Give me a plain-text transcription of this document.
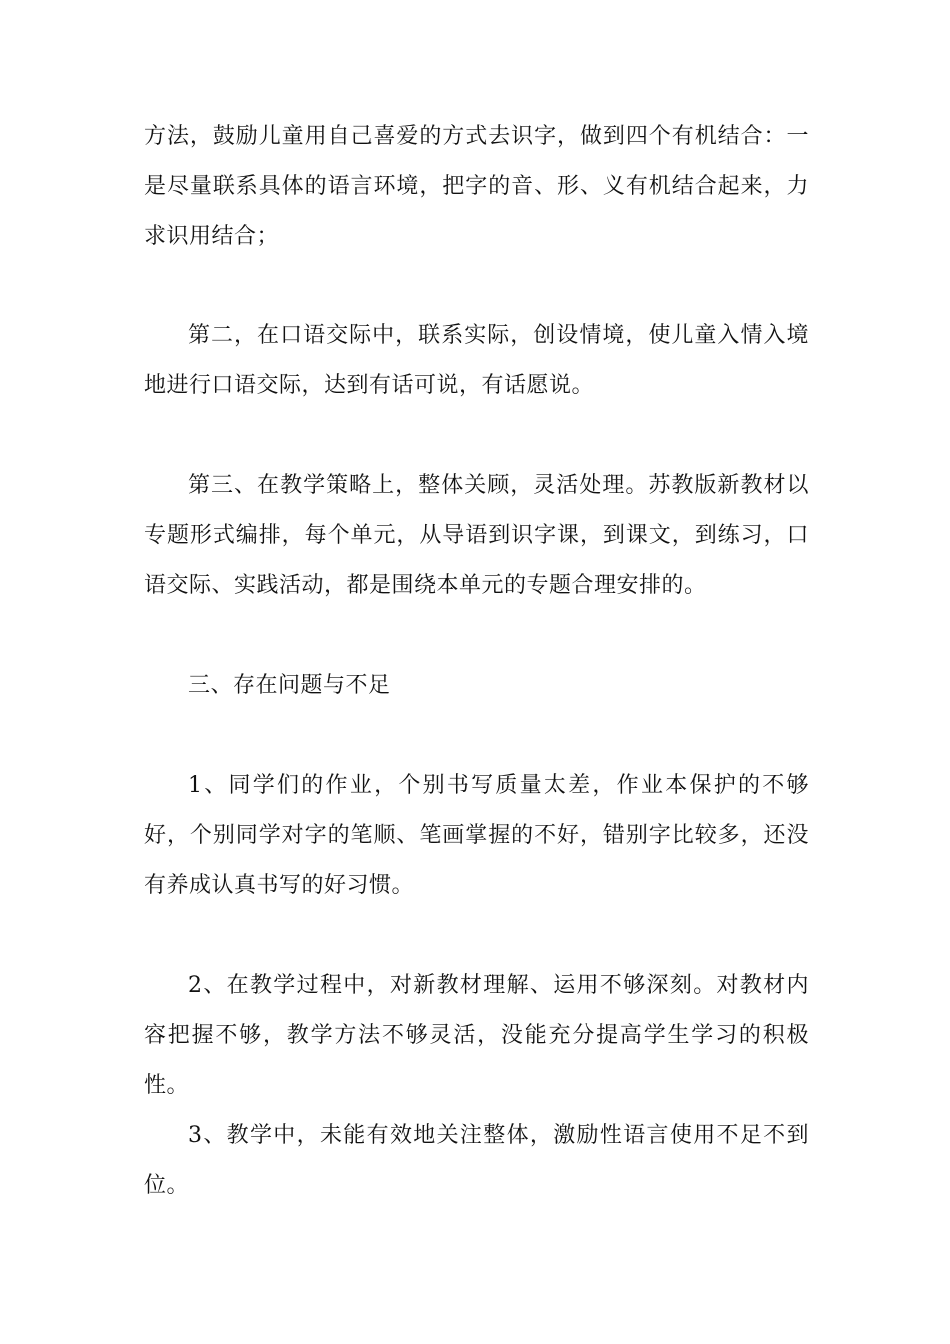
方法，鼓励儿童用自己喜爱的方式去识字，做到四个有机结合：一是尽量联系具体的语言环境，把字的音、形、义有机结合起来，力求识用结合；

第二，在口语交际中，联系实际，创设情境，使儿童入情入境地进行口语交际，达到有话可说，有话愿说。

第三、在教学策略上，整体关顾，灵活处理。苏教版新教材以专题形式编排，每个单元，从导语到识字课，到课文，到练习，口语交际、实践活动，都是围绕本单元的专题合理安排的。

三、存在问题与不足

1、同学们的作业，个别书写质量太差，作业本保护的不够好，个别同学对字的笔顺、笔画掌握的不好，错别字比较多，还没有养成认真书写的好习惯。

2、在教学过程中，对新教材理解、运用不够深刻。对教材内容把握不够，教学方法不够灵活，没能充分提高学生学习的积极性。

3、教学中，未能有效地关注整体，激励性语言使用不足不到位。
